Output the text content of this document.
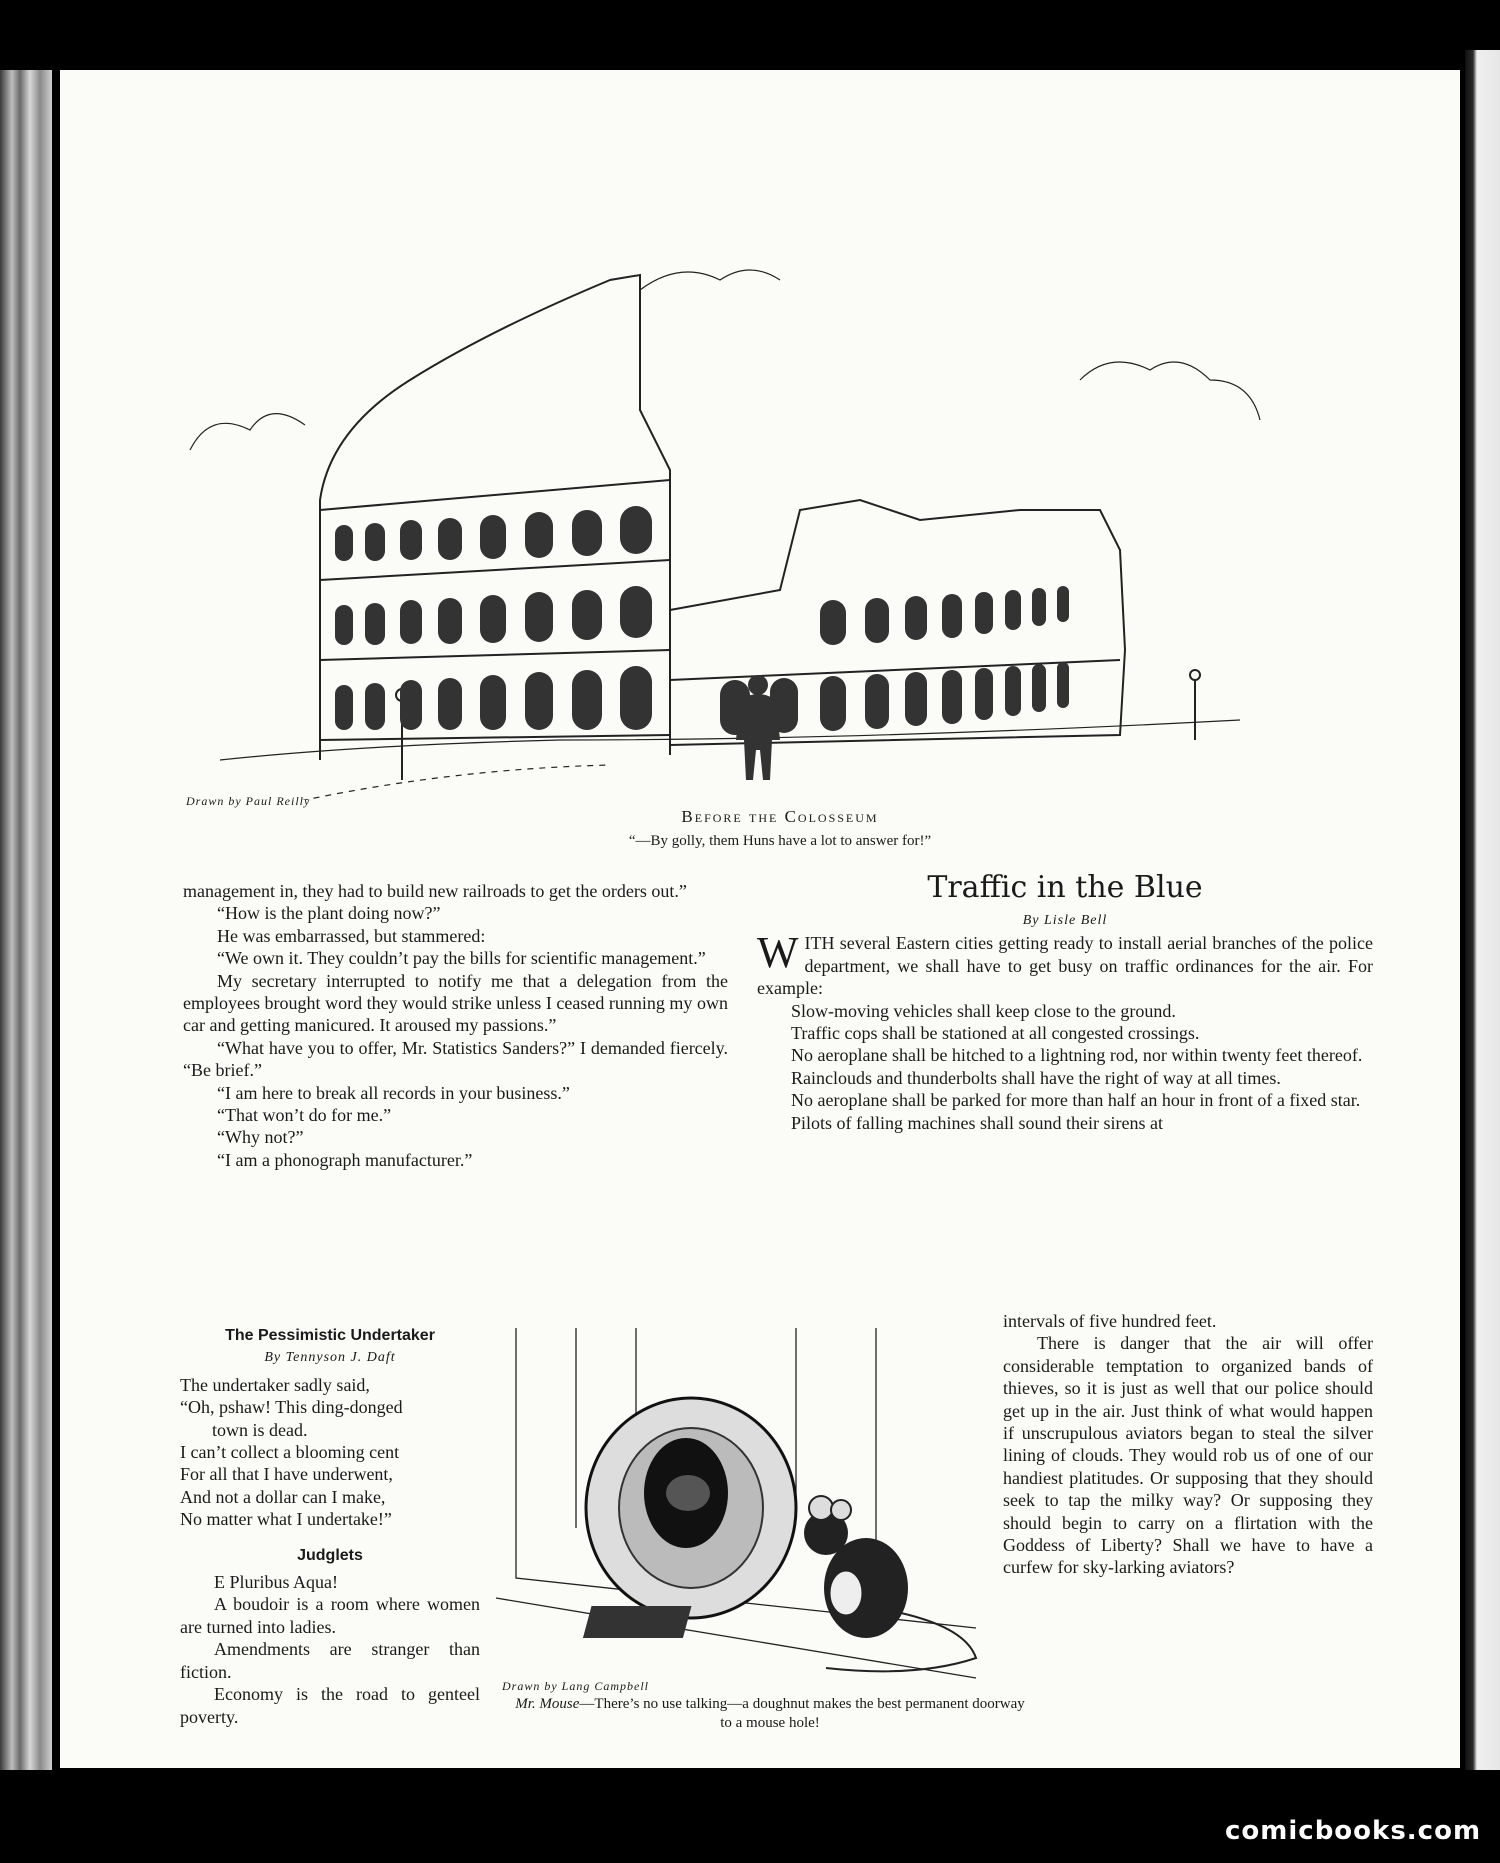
Drawn by Paul Reilly
Before the Colosseum
“—By golly, them Huns have a lot to answer for!”

management in, they had to build new railroads to get the orders out.”

“How is the plant doing now?”

He was embarrassed, but stammered:

“We own it. They couldn’t pay the bills for scientific management.”

My secretary interrupted to notify me that a delegation from the employees brought word they would strike unless I ceased running my own car and getting manicured. It aroused my passions.”

“What have you to offer, Mr. Statistics Sanders?” I demanded fiercely. “Be brief.”

“I am here to break all records in your business.”

“That won’t do for me.”

“Why not?”

“I am a phonograph manufacturer.”

The Pessimistic Undertaker

By Tennyson J. Daft

The undertaker sadly said,

“Oh, pshaw! This ding-donged

town is dead.

I can’t collect a blooming cent

For all that I have underwent,

And not a dollar can I make,

No matter what I undertake!”

Judglets

E Pluribus Aqua!

A boudoir is a room where women are turned into ladies.

Amendments are stranger than fiction.

Economy is the road to genteel poverty.

Drawn by Lang Campbell
Mr. Mouse—There’s no use talking—a doughnut makes the best permanent doorway to a mouse hole!
Traffic in the Blue

By Lisle Bell

WITH several Eastern cities getting ready to install aerial branches of the police department, we shall have to get busy on traffic ordinances for the air. For example:

Slow-moving vehicles shall keep close to the ground.

Traffic cops shall be stationed at all congested crossings.

No aeroplane shall be hitched to a lightning rod, nor within twenty feet thereof.

Rainclouds and thunderbolts shall have the right of way at all times.

No aeroplane shall be parked for more than half an hour in front of a fixed star.

Pilots of falling machines shall sound their sirens at

intervals of five hundred feet.

There is danger that the air will offer considerable temptation to organized bands of thieves, so it is just as well that our police should get up in the air. Just think of what would happen if unscrupulous aviators began to steal the silver lining of clouds. They would rob us of one of our handiest platitudes. Or supposing that they should seek to tap the milky way? Or supposing they should begin to carry on a flirtation with the Goddess of Liberty? Shall we have to have a curfew for sky-larking aviators?

comicbooks.com
